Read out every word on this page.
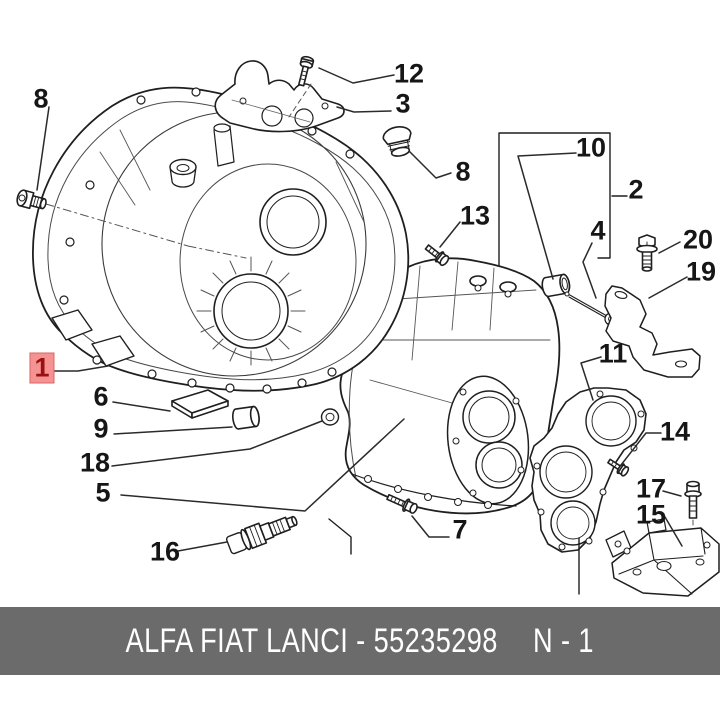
8
12
3
8
13
10
2
4	20
19
11
1
6
9
18
5
14
16
7
17
15
ALFA FIAT LANCI - 55235298 N - 1
